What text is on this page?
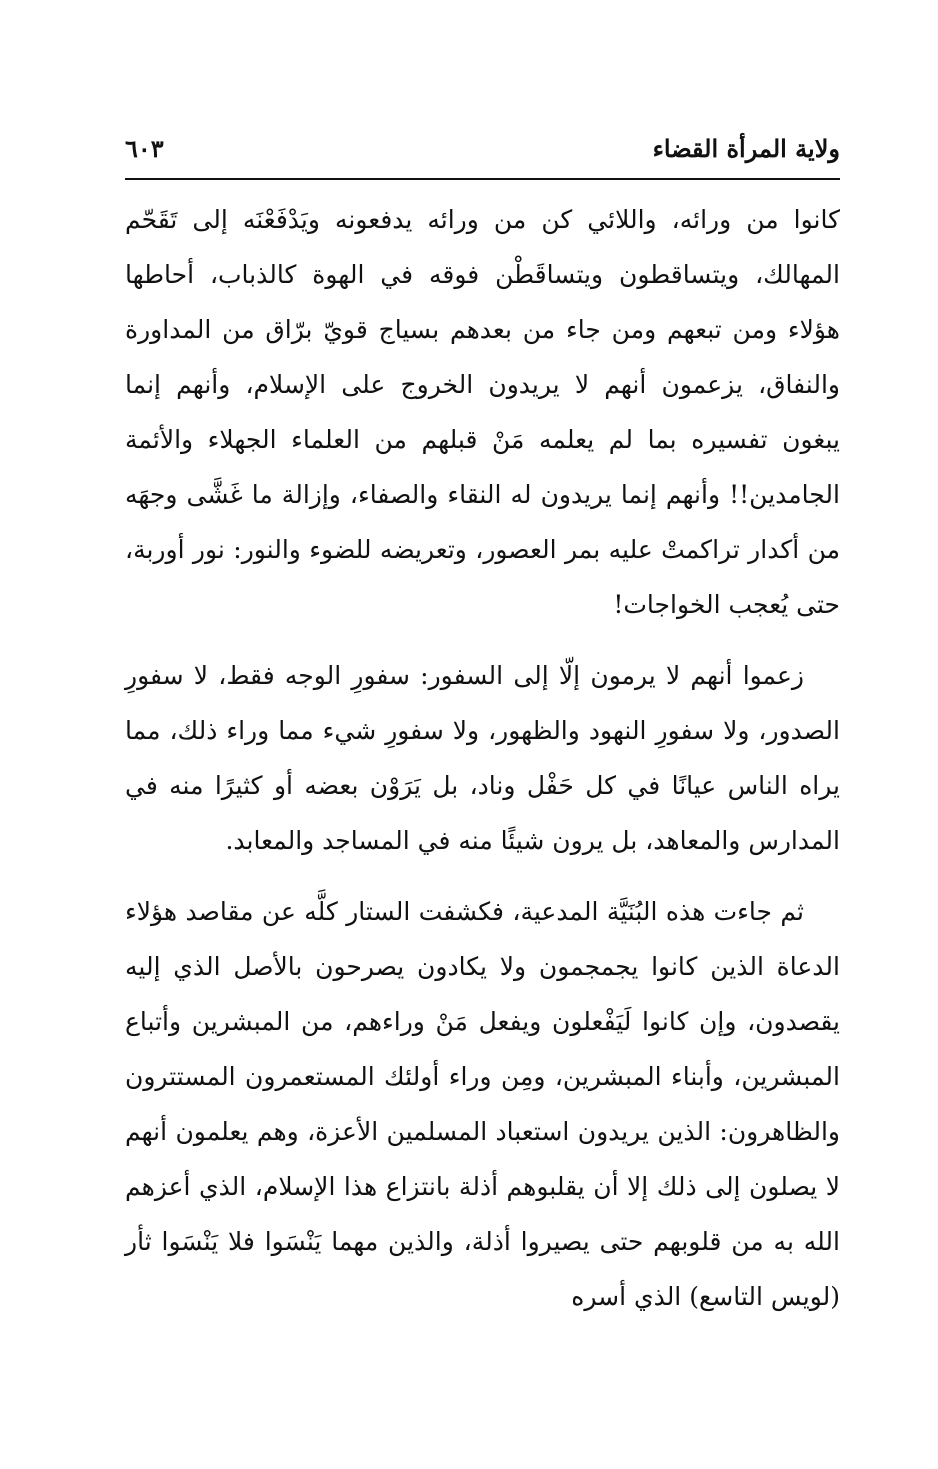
ولاية المرأة القضاء
٦٠٣

كانوا من ورائه، واللائي كن من ورائه يدفعونه ويَدْفَعْنَه إلى تَقَحّم المهالك، ويتساقطون ويتساقَطْن فوقه في الهوة كالذباب، أحاطها هؤلاء ومن تبعهم ومن جاء من بعدهم بسياج قويّ برّاق من المداورة والنفاق، يزعمون أنهم لا يريدون الخروج على الإسلام، وأنهم إنما يبغون تفسيره بما لم يعلمه مَنْ قبلهم من العلماء الجهلاء والأئمة الجامدين!! وأنهم إنما يريدون له النقاء والصفاء، وإزالة ما غَشَّى وجهَه من أكدار تراكمتْ عليه بمر العصور، وتعريضه للضوء والنور: نور أوربة، حتى يُعجب الخواجات!

زعموا أنهم لا يرمون إلّا إلى السفور: سفورِ الوجه فقط، لا سفورِ الصدور، ولا سفورِ النهود والظهور، ولا سفورِ شيء مما وراء ذلك، مما يراه الناس عيانًا في كل حَفْل وناد، بل يَرَوْن بعضه أو كثيرًا منه في المدارس والمعاهد، بل يرون شيئًا منه في المساجد والمعابد.

ثم جاءت هذه البُنَيَّة المدعية، فكشفت الستار كلَّه عن مقاصد هؤلاء الدعاة الذين كانوا يجمجمون ولا يكادون يصرحون بالأصل الذي إليه يقصدون، وإن كانوا لَيَفْعلون ويفعل مَنْ وراءهم، من المبشرين وأتباع المبشرين، وأبناء المبشرين، ومِن وراء أولئك المستعمرون المستترون والظاهرون: الذين يريدون استعباد المسلمين الأعزة، وهم يعلمون أنهم لا يصلون إلى ذلك إلا أن يقلبوهم أذلة بانتزاع هذا الإسلام، الذي أعزهم الله به من قلوبهم حتى يصيروا أذلة، والذين مهما يَنْسَوا فلا يَنْسَوا ثأر (لويس التاسع) الذي أسره
